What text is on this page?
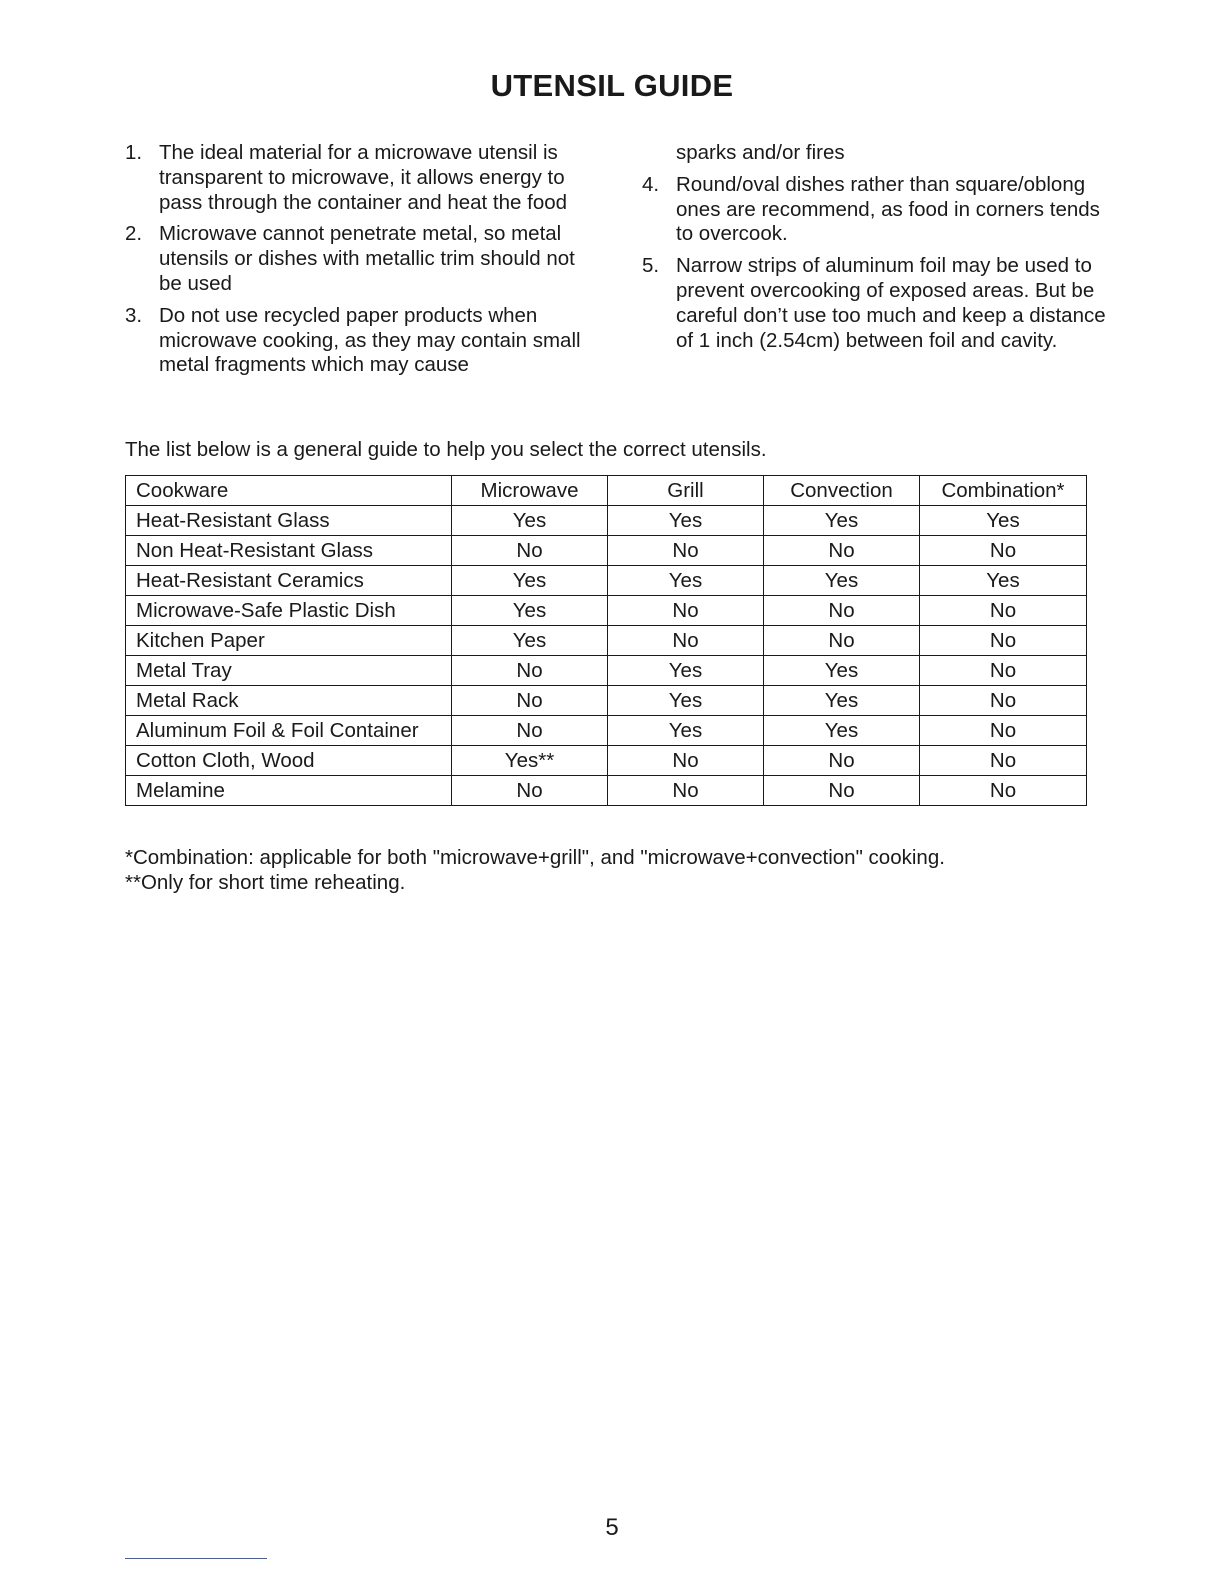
UTENSIL GUIDE
1. The ideal material for a microwave utensil is transparent to microwave, it allows energy to pass through the container and heat the food
2. Microwave cannot penetrate metal, so metal utensils or dishes with metallic trim should not be used
3. Do not use recycled paper products when microwave cooking, as they may contain small metal fragments which may cause
sparks and/or fires
4. Round/oval dishes rather than square/oblong ones are recommend, as food in corners tends to overcook.
5. Narrow strips of aluminum foil may be used to prevent overcooking of exposed areas. But be careful don’t use too much and keep a distance of 1 inch (2.54cm) between foil and cavity.
The list below is a general guide to help you select the correct utensils.
Cookware	Microwave	Grill	Convection	Combination*
Heat-Resistant Glass	Yes	Yes	Yes	Yes
Non Heat-Resistant Glass	No	No	No	No
Heat-Resistant Ceramics	Yes	Yes	Yes	Yes
Microwave-Safe Plastic Dish	Yes	No	No	No
Kitchen Paper	Yes	No	No	No
Metal Tray	No	Yes	Yes	No
Metal Rack	No	Yes	Yes	No
Aluminum Foil & Foil Container	No	Yes	Yes	No
Cotton Cloth, Wood	Yes**	No	No	No
Melamine	No	No	No	No
*Combination: applicable for both "microwave+grill", and "microwave+convection" cooking.
**Only for short time reheating.
5
